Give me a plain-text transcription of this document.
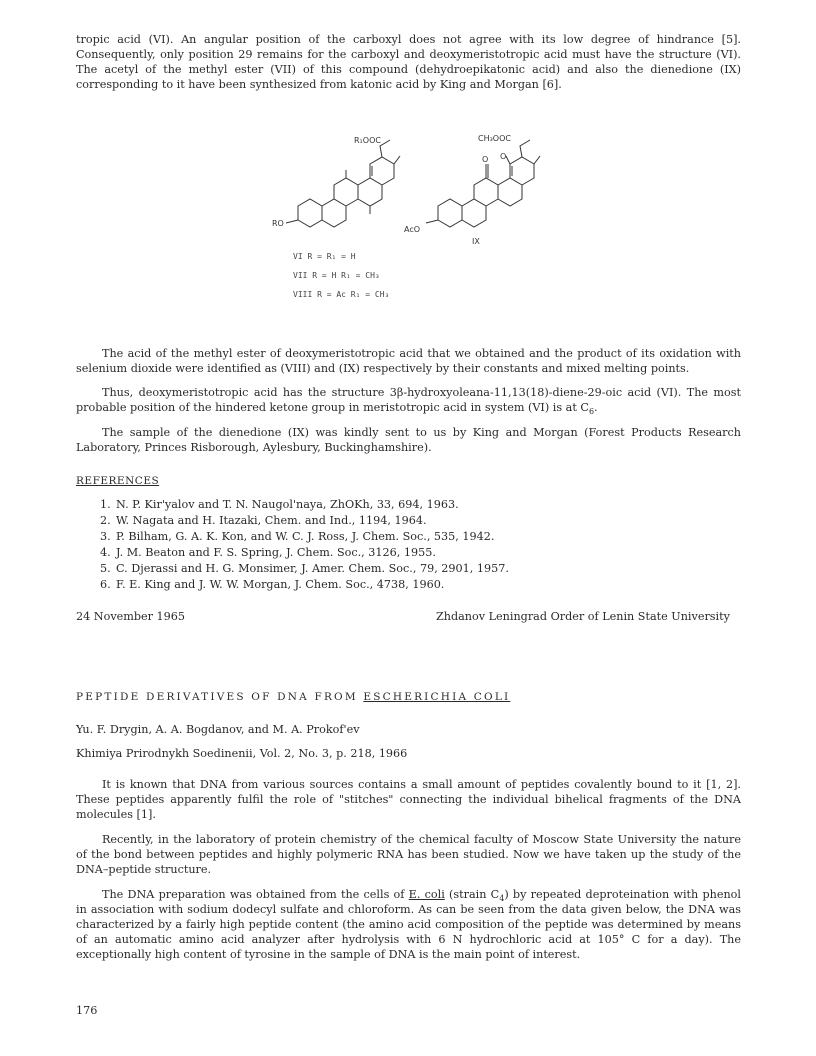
tropic acid (VI). An angular position of the carboxyl does not agree with its low degree of hindrance [5]. Consequently, only position 29 remains for the carboxyl and deoxymeristotropic acid must have the structure (VI). The acetyl of the methyl ester (VII) of this compound (dehydroepikatonic acid) and also the dienedione (IX) corresponding to it have been synthesized from katonic acid by King and Morgan [6].
R₁OOC
RO
CH₃OOC
O O
AcO
IX
VI R = R₁ = H
VII R = H R₁ = CH₃
VIII R = Ac R₁ = CH₃
The acid of the methyl ester of deoxymeristotropic acid that we obtained and the product of its oxidation with selenium dioxide were identified as (VIII) and (IX) respectively by their constants and mixed melting points.
Thus, deoxymeristotropic acid has the structure 3β-hydroxyoleana-11,13(18)-diene-29-oic acid (VI). The most probable position of the hindered ketone group in meristotropic acid in system (VI) is at $C_6$.
The sample of the dienedione (IX) was kindly sent to us by King and Morgan (Forest Products Research Laboratory, Princes Risborough, Aylesbury, Buckinghamshire).
REFERENCES
1. N. P. Kir'yalov and T. N. Naugol'naya, ZhOKh, 33, 694, 1963.
2. W. Nagata and H. Itazaki, Chem. and Ind., 1194, 1964.
3. P. Bilham, G. A. K. Kon, and W. C. J. Ross, J. Chem. Soc., 535, 1942.
4. J. M. Beaton and F. S. Spring, J. Chem. Soc., 3126, 1955.
5. C. Djerassi and H. G. Monsimer, J. Amer. Chem. Soc., 79, 2901, 1957.
6. F. E. King and J. W. W. Morgan, J. Chem. Soc., 4738, 1960.
24 November 1965	Zhdanov Leningrad Order of Lenin State University
PEPTIDE DERIVATIVES OF DNA FROM ESCHERICHIA COLI
Yu. F. Drygin, A. A. Bogdanov, and M. A. Prokof'ev
Khimiya Prirodnykh Soedinenii, Vol. 2, No. 3, p. 218, 1966
It is known that DNA from various sources contains a small amount of peptides covalently bound to it [1, 2]. These peptides apparently fulfil the role of "stitches" connecting the individual bihelical fragments of the DNA molecules [1].
Recently, in the laboratory of protein chemistry of the chemical faculty of Moscow State University the nature of the bond between peptides and highly polymeric RNA has been studied. Now we have taken up the study of the DNA–peptide structure.
The DNA preparation was obtained from the cells of E. coli (strain $C_4$) by repeated deproteination with phenol in association with sodium dodecyl sulfate and chloroform. As can be seen from the data given below, the DNA was characterized by a fairly high peptide content (the amino acid composition of the peptide was determined by means of an automatic amino acid analyzer after hydrolysis with 6 N hydrochloric acid at 105° C for a day). The exceptionally high content of tyrosine in the sample of DNA is the main point of interest.
176
